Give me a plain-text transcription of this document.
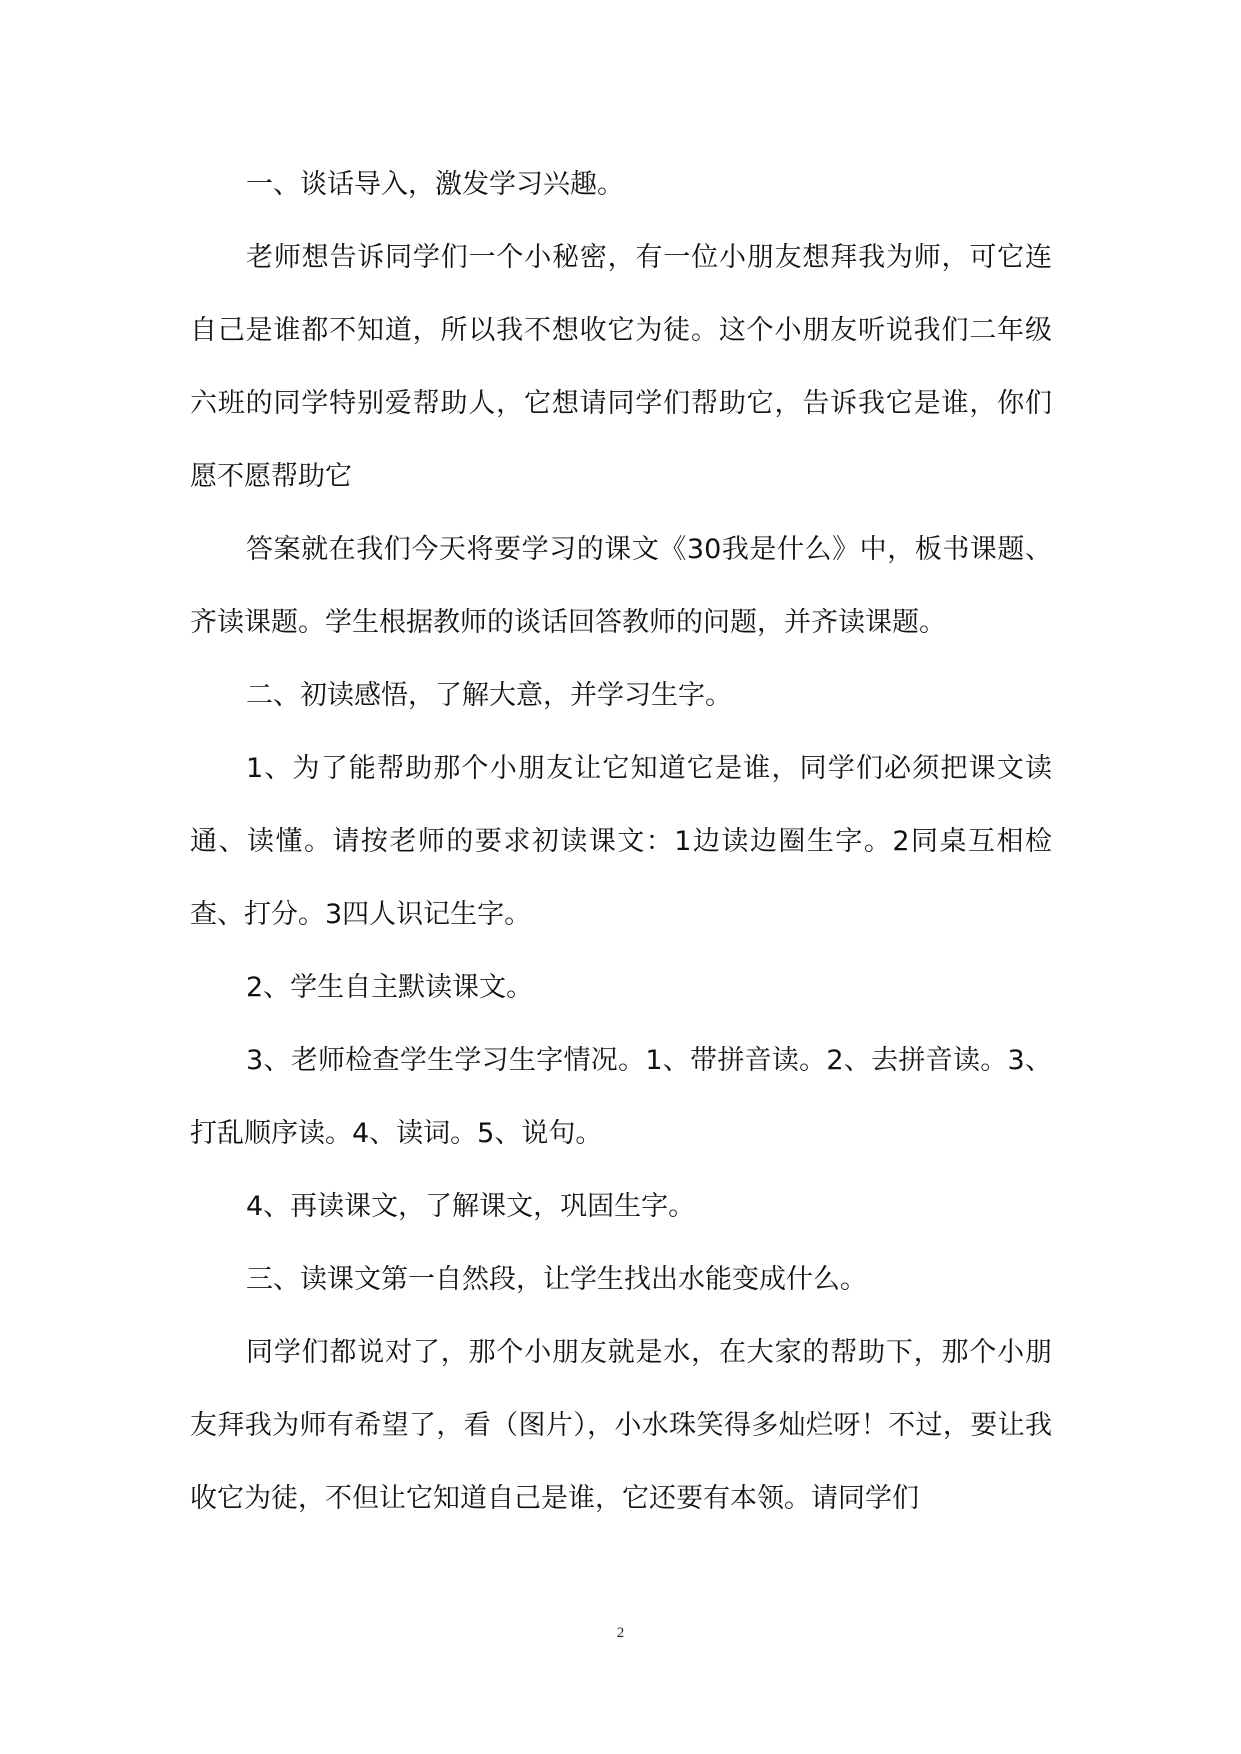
一、谈话导入，激发学习兴趣。

老师想告诉同学们一个小秘密，有一位小朋友想拜我为师，可它连自己是谁都不知道，所以我不想收它为徒。这个小朋友听说我们二年级六班的同学特别爱帮助人，它想请同学们帮助它，告诉我它是谁，你们愿不愿帮助它

答案就在我们今天将要学习的课文《30我是什么》中，板书课题、齐读课题。学生根据教师的谈话回答教师的问题，并齐读课题。

二、初读感悟，了解大意，并学习生字。

1、为了能帮助那个小朋友让它知道它是谁，同学们必须把课文读通、读懂。请按老师的要求初读课文：1边读边圈生字。2同桌互相检查、打分。3四人识记生字。

2、学生自主默读课文。

3、老师检查学生学习生字情况。1、带拼音读。2、去拼音读。3、打乱顺序读。4、读词。5、说句。

4、再读课文，了解课文，巩固生字。

三、读课文第一自然段，让学生找出水能变成什么。

同学们都说对了，那个小朋友就是水，在大家的帮助下，那个小朋友拜我为师有希望了，看（图片），小水珠笑得多灿烂呀！不过，要让我收它为徒，不但让它知道自己是谁，它还要有本领。请同学们

2
